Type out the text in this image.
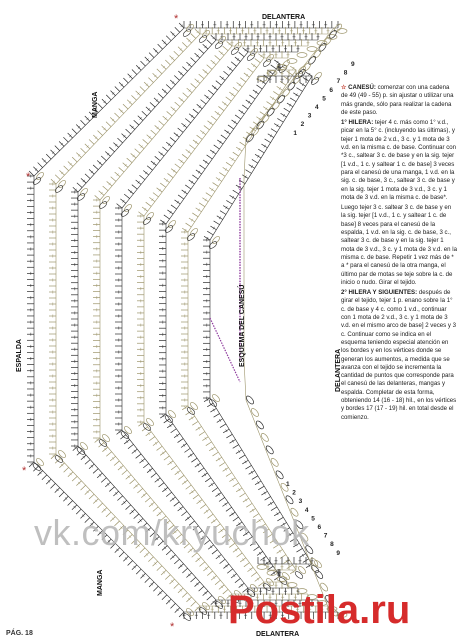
*
*
*
*
9
8
7
6
5
4
3
2
1
1
2
3
4
5
6
7
8
9
DELANTERA
MANGA
ESPALDA	ESQUEMA DEL CANESÚ
DELANTERA
MANGA
DELANTERA

☆ CANESÚ: comenzar con una cadena de 49 (49 - 55) p. sin ajustar o utilizar una más grande, sólo para realizar la cadena de este paso.

1° HILERA: tejer 4 c. más como 1° v.d., picar en la 5° c. (incluyendo las últimas), y tejer 1 mota de 2 v.d., 3 c. y 1 mota de 3 v.d. en la misma c. de base. Continuar con *3 c., saltear 3 c. de base y en la sig. tejer [1 v.d., 1 c. y saltear 1 c. de base] 3 veces para el canesú de una manga, 1 v.d. en la sig. c. de base, 3 c., saltear 3 c. de base y en la sig. tejer 1 mota de 3 v.d., 3 c. y 1 mota de 3 v.d. en la misma c. de base*.

Luego tejer 3 c. saltear 3 c. de base y en la sig. tejer [1 v.d., 1 c. y saltear 1 c. de base] 8 veces para el canesú de la espalda, 1 v.d. en la sig. c. de base, 3 c., saltear 3 c. de base y en la sig. tejer 1 mota de 3 v.d., 3 c. y 1 mota de 3 v.d. en la misma c. de base. Repetir 1 vez más de * a * para el canesú de la otra manga, el último par de motas se teje sobre la c. de inicio o nudo. Girar el tejido.

2° HILERA Y SIGUIENTES: después de girar el tejido, tejer 1 p. enano sobre la 1° c. de base y 4 c. como 1 v.d., continuar con 1 mota de 2 v.d., 3 c. y 1 mota de 3 v.d. en el mismo arco de base] 2 veces y 3 c. Continuar como se indica en el esquema teniendo especial atención en los bordes y en los vértices donde se generan los aumentos, a medida que se avanza con el tejido se incrementa la cantidad de puntos que corresponde para el canesú de las delanteras, mangas y espalda. Completar de esta forma, obteniendo 14 (16 - 18) hil., en los vértices y bordes 17 (17 - 19) hil. en total desde el comienzo.

vk.com/kryuchok
Postila.ru
PÁG. 18
